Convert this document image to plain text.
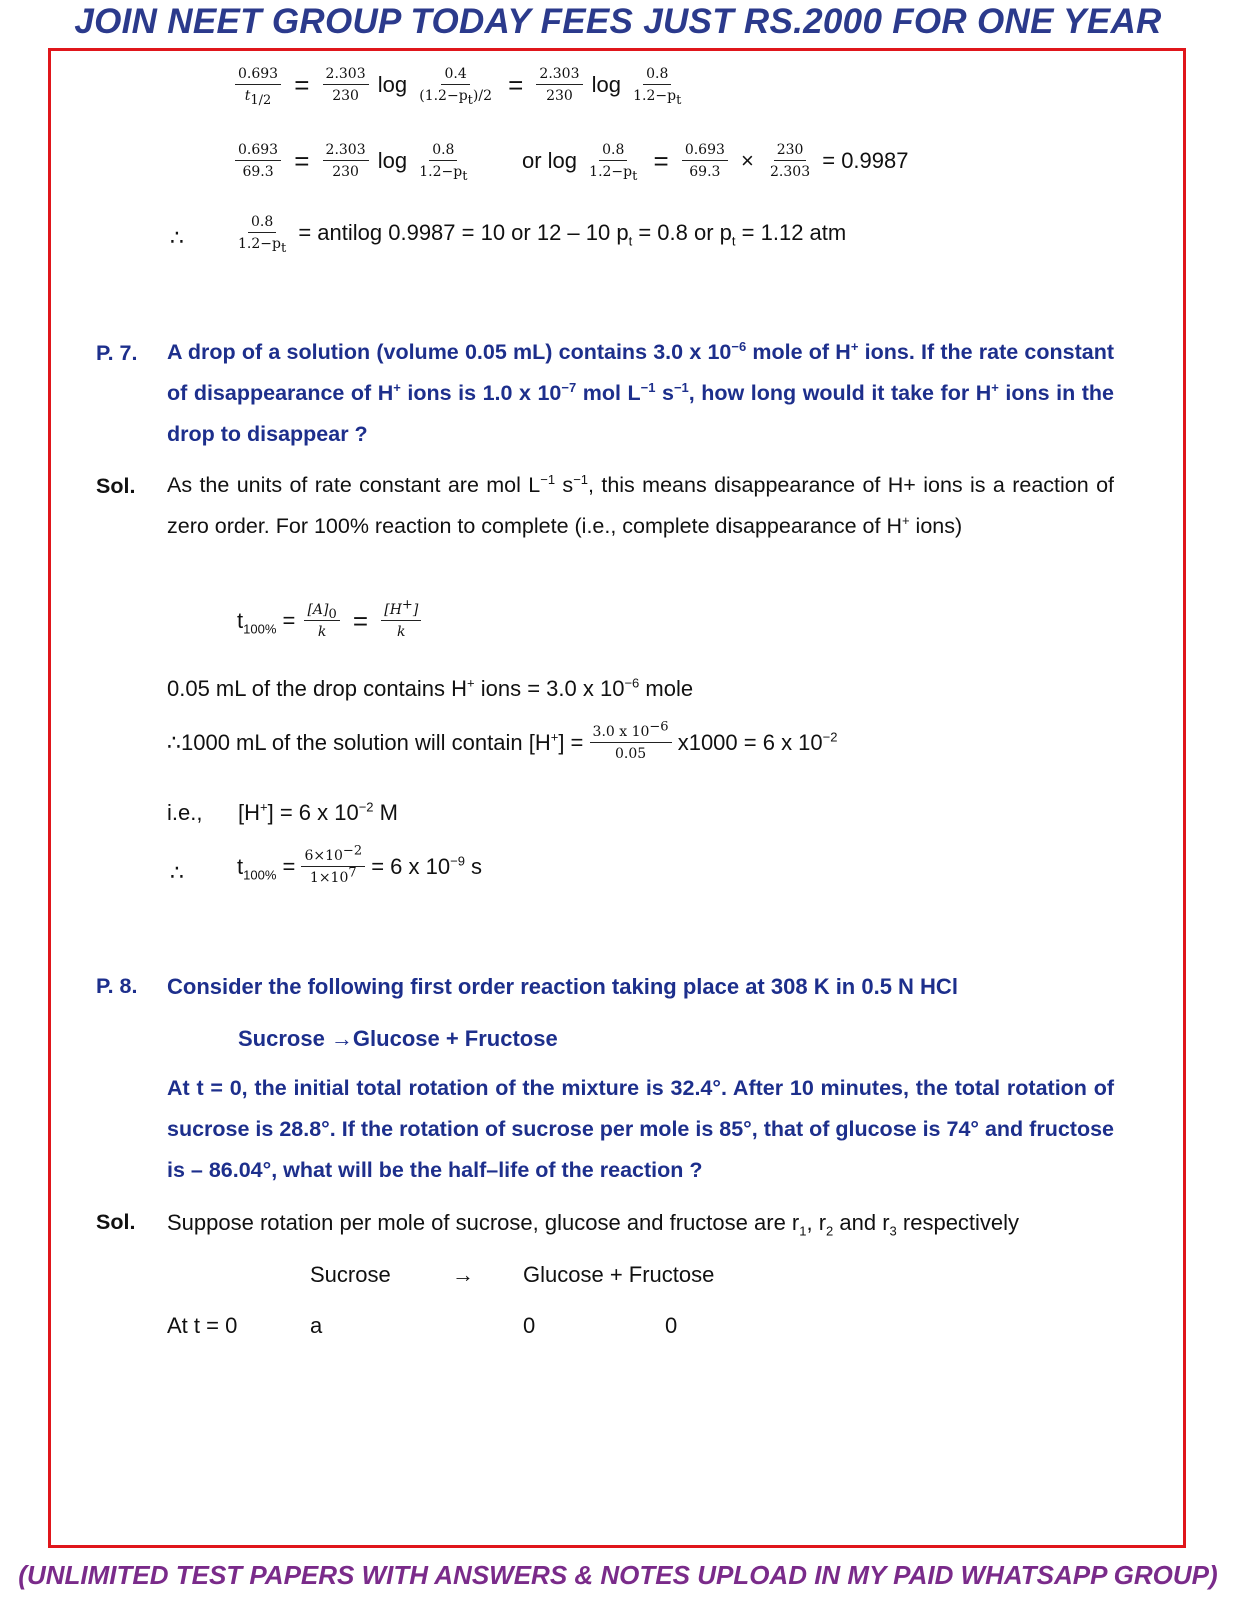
JOIN NEET GROUP TODAY FEES JUST RS.2000 FOR ONE YEAR
$\frac{0.693}{t_{1/2}} = \frac{2.303}{230}$ $\log \frac{0.4}{(1.2-p_t)/2} = \frac{2.303}{230}$ $\log \frac{0.8}{1.2-p_t}$
$\frac{0.693}{69.3} = \frac{2.303}{230}$ $\log \frac{0.8}{1.2-p_t}$ or $\log \frac{0.8}{1.2-p_t} = \frac{0.693}{69.3} \times \frac{230}{2.303} = 0.9987$
∴	$\frac{0.8}{1.2-p_t}$ = antilog 0.9987 = 10 or 12 – 10 $p_t = 0.8$ or $p_t = 1.12$ atm
P. 7. A drop of a solution (volume 0.05 mL) contains 3.0 x $10^{-6}$ mole of H+ ions. If the rate constant of disappearance of H+ ions is 1.0 x $10^{-7}$ mol $L^{-1}$ $s^{-1}$, how long would it take for H+ ions in the drop to disappear ?
Sol. As the units of rate constant are mol $L^{-1}$ $s^{-1}$, this means disappearance of H+ ions is a reaction of zero order. For 100% reaction to complete (i.e., complete disappearance of H+ ions)
$t_{100\%} = \frac{[A]_0}{k} = \frac{[H^+]}{k}$
0.05 mL of the drop contains H+ ions = 3.0 x $10^{-6}$ mole
∴1000 mL of the solution will contain $[H^+] = \frac{3.0 x 10^{-6}}{0.05} x1000 = 6$ x $10^{-2}$
i.e., [H+] = 6 x $10^{-2}$ M
∴ $t_{100\%} = \frac{6\times 10^{-2}}{1\times 10^7} = 6$ x $10^{-9}$ s
P. 8. Consider the following first order reaction taking place at 308 K in 0.5 N HCl
Sucrose →Glucose + Fructose
At t = 0, the initial total rotation of the mixture is 32.4°. After 10 minutes, the total rotation of sucrose is 28.8°. If the rotation of sucrose per mole is 85°, that of glucose is 74° and fructose is – 86.04°, what will be the half–life of the reaction ?
Sol. Suppose rotation per mole of sucrose, glucose and fructose are $r_1$, $r_2$ and $r_3$ respectively
Sucrose	→ Glucose + Fructose
At t = 0	a	0	0
(UNLIMITED TEST PAPERS WITH ANSWERS & NOTES UPLOAD IN MY PAID WHATSAPP GROUP)
